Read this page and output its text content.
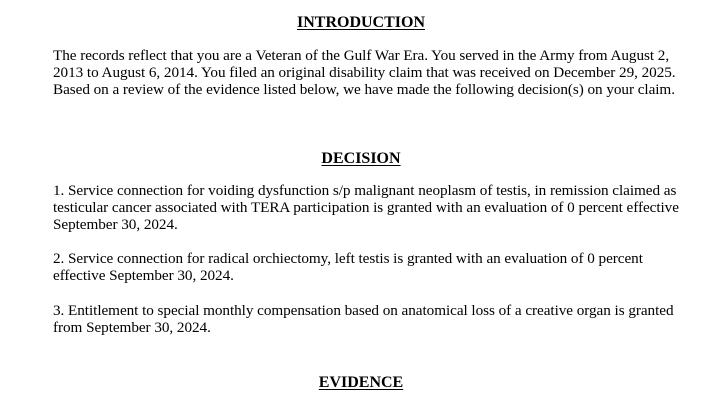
INTRODUCTION

The records reflect that you are a Veteran of the Gulf War Era. You served in the Army from August 2, 2013 to August 6, 2014. You filed an original disability claim that was received on December 29, 2025. Based on a review of the evidence listed below, we have made the following decision(s) on your claim.

DECISION

1. Service connection for voiding dysfunction s/p malignant neoplasm of testis, in remission claimed as testicular cancer associated with TERA participation is granted with an evaluation of 0 percent effective September 30, 2024.

2. Service connection for radical orchiectomy, left testis is granted with an evaluation of 0 percent effective September 30, 2024.

3. Entitlement to special monthly compensation based on anatomical loss of a creative organ is granted from September 30, 2024.

EVIDENCE
